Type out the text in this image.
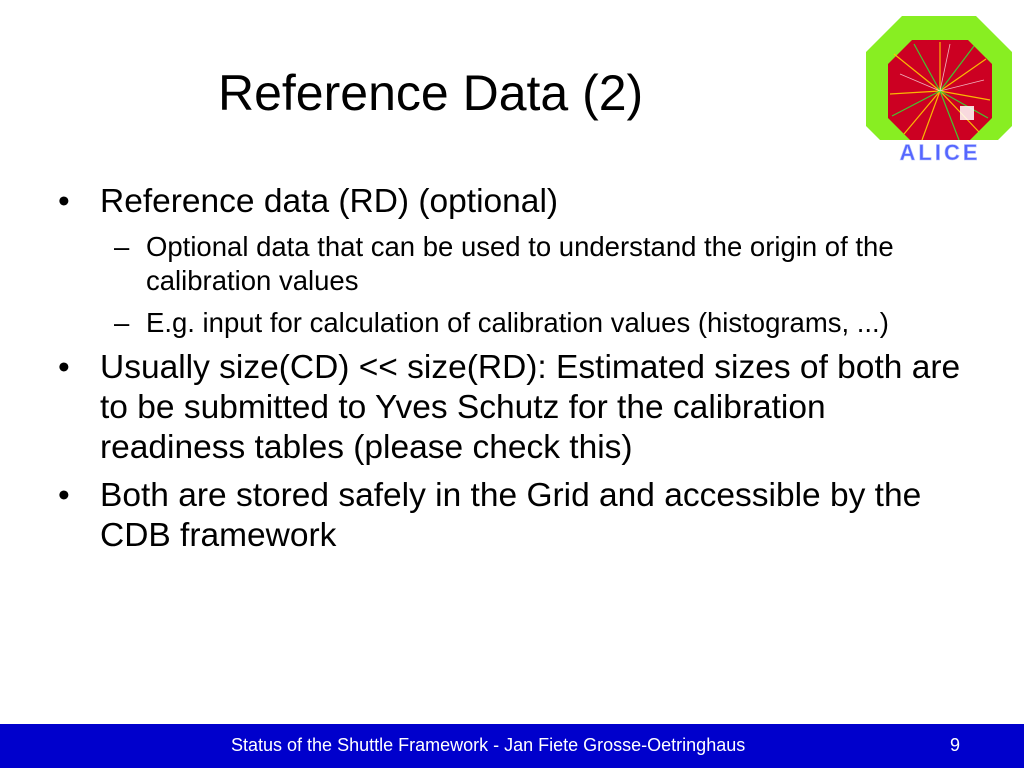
Reference Data (2)
ALICE
• Reference data (RD) (optional)
– Optional data that can be used to understand the origin of the calibration values
– E.g. input for calculation of calibration values (histograms, ...)
• Usually size(CD) << size(RD): Estimated sizes of both are to be submitted to Yves Schutz for the calibration readiness tables (please check this)
• Both are stored safely in the Grid and accessible by the CDB framework
Status of the Shuttle Framework - Jan Fiete Grosse-Oetringhaus	9
